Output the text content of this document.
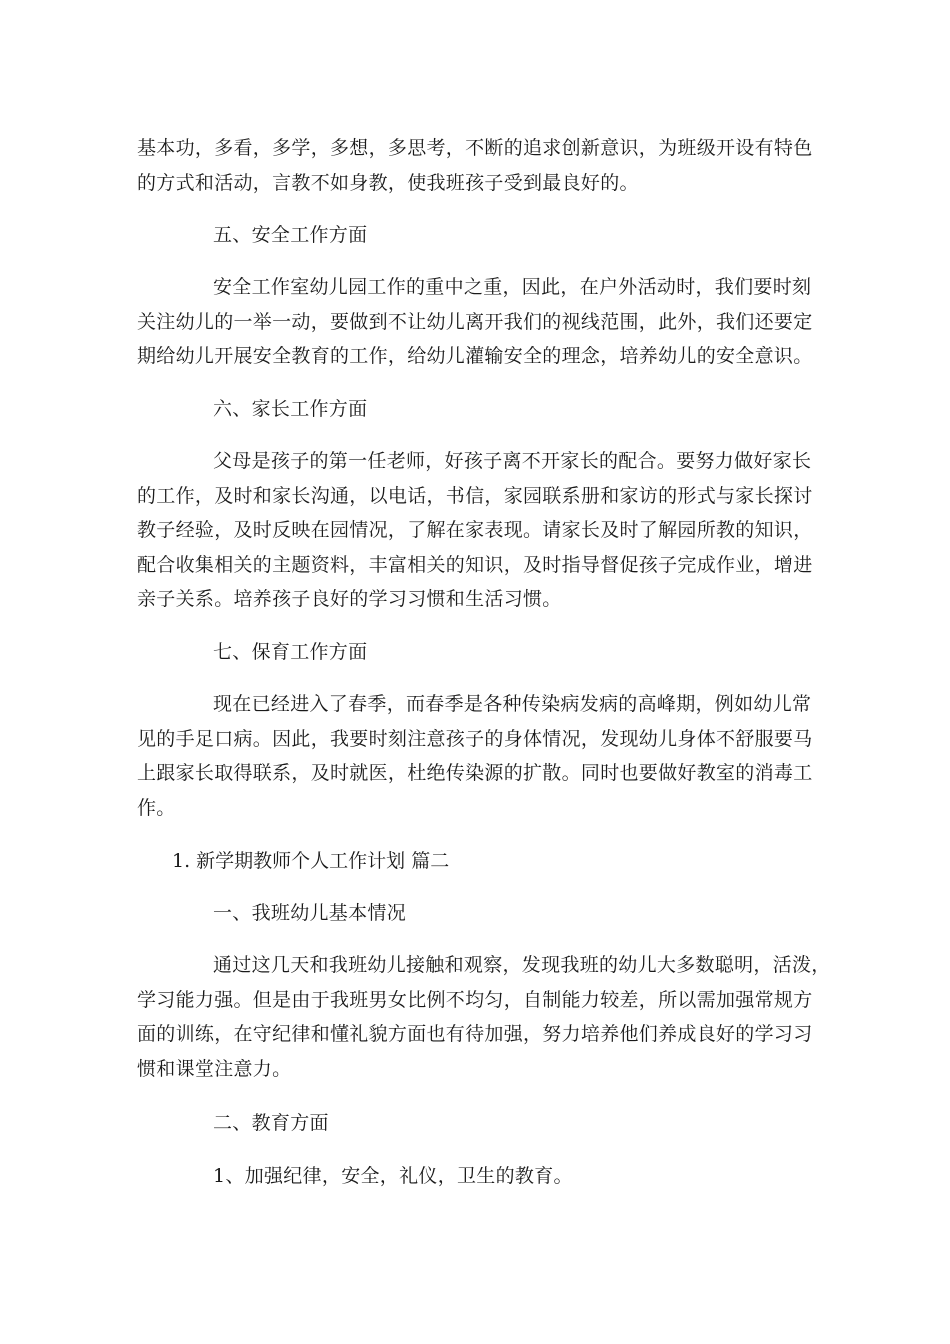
基本功，多看，多学，多想，多思考，不断的追求创新意识，为班级开设有特色
的方式和活动，言教不如身教，使我班孩子受到最良好的。
五、安全工作方面
安全工作室幼儿园工作的重中之重，因此，在户外活动时，我们要时刻
关注幼儿的一举一动，要做到不让幼儿离开我们的视线范围，此外，我们还要定
期给幼儿开展安全教育的工作，给幼儿灌输安全的理念，培养幼儿的安全意识。
六、家长工作方面
父母是孩子的第一任老师，好孩子离不开家长的配合。要努力做好家长
的工作，及时和家长沟通，以电话，书信，家园联系册和家访的形式与家长探讨
教子经验，及时反映在园情况，了解在家表现。请家长及时了解园所教的知识，
配合收集相关的主题资料，丰富相关的知识，及时指导督促孩子完成作业，增进
亲子关系。培养孩子良好的学习习惯和生活习惯。
七、保育工作方面
现在已经进入了春季，而春季是各种传染病发病的高峰期，例如幼儿常
见的手足口病。因此，我要时刻注意孩子的身体情况，发现幼儿身体不舒服要马
上跟家长取得联系，及时就医，杜绝传染源的扩散。同时也要做好教室的消毒工
作。
1. 新学期教师个人工作计划 篇二
一、我班幼儿基本情况
通过这几天和我班幼儿接触和观察，发现我班的幼儿大多数聪明，活泼，
学习能力强。但是由于我班男女比例不均匀，自制能力较差，所以需加强常规方
面的训练，在守纪律和懂礼貌方面也有待加强，努力培养他们养成良好的学习习
惯和课堂注意力。
二、教育方面
1、加强纪律，安全，礼仪，卫生的教育。
